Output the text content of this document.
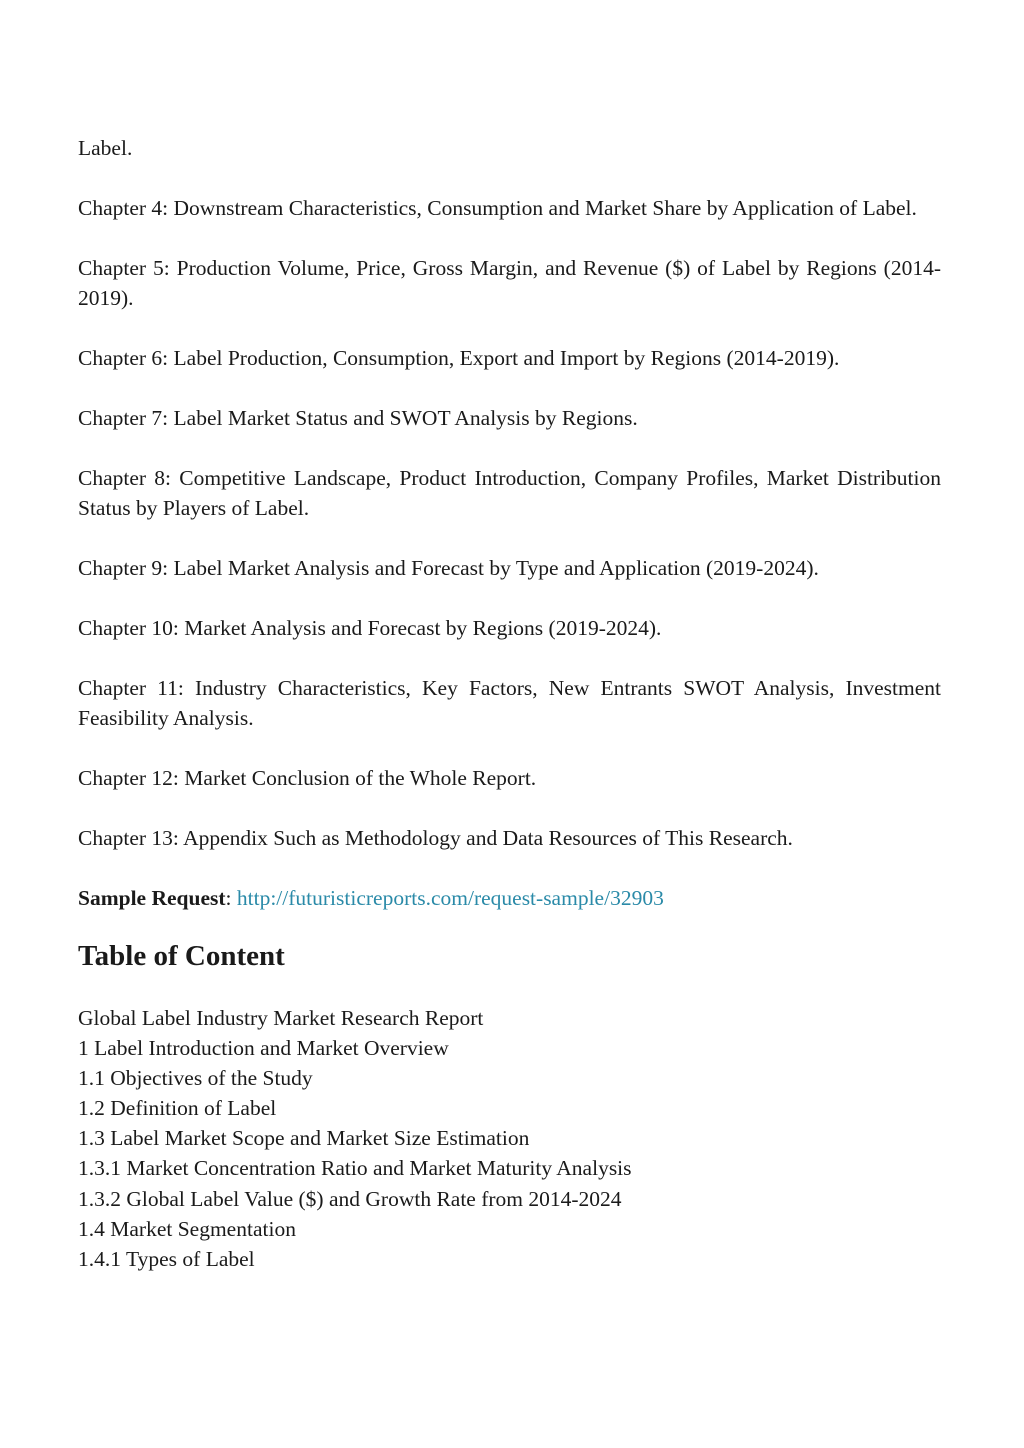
Label.

Chapter 4: Downstream Characteristics, Consumption and Market Share by Application of Label.

Chapter 5: Production Volume, Price, Gross Margin, and Revenue ($) of Label by Regions (2014-2019).

Chapter 6: Label Production, Consumption, Export and Import by Regions (2014-2019).

Chapter 7: Label Market Status and SWOT Analysis by Regions.

Chapter 8: Competitive Landscape, Product Introduction, Company Profiles, Market Distribution Status by Players of Label.

Chapter 9: Label Market Analysis and Forecast by Type and Application (2019-2024).

Chapter 10: Market Analysis and Forecast by Regions (2019-2024).

Chapter 11: Industry Characteristics, Key Factors, New Entrants SWOT Analysis, Investment Feasibility Analysis.

Chapter 12: Market Conclusion of the Whole Report.

Chapter 13: Appendix Such as Methodology and Data Resources of This Research.

Sample Request: http://futuristicreports.com/request-sample/32903

Table of Content
Global Label Industry Market Research Report
1 Label Introduction and Market Overview
1.1 Objectives of the Study
1.2 Definition of Label
1.3 Label Market Scope and Market Size Estimation
1.3.1 Market Concentration Ratio and Market Maturity Analysis
1.3.2 Global Label Value ($) and Growth Rate from 2014-2024
1.4 Market Segmentation
1.4.1 Types of Label
